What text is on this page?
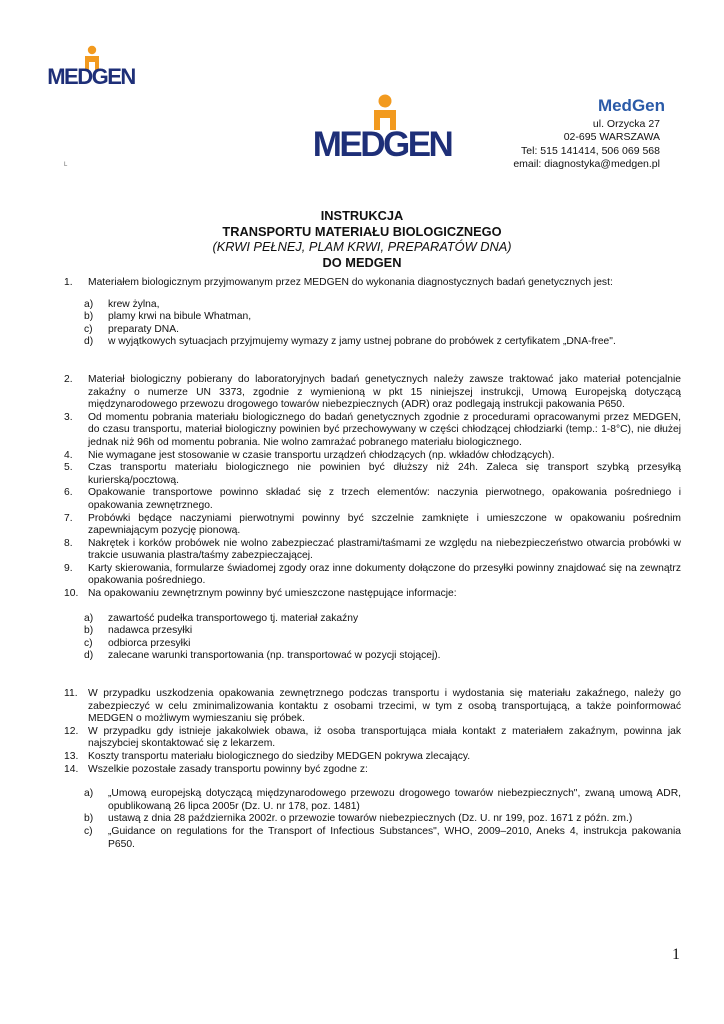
MEDGEN
MEDGEN
MedGen
ul. Orzycka 27
02-695 WARSZAWA
Tel: 515 141414, 506 069 568
email: diagnostyka@medgen.pl
L
INSTRUKCJA
TRANSPORTU MATERIAŁU BIOLOGICZNEGO
(KRWI PEŁNEJ, PLAM KRWI, PREPARATÓW DNA)
DO MEDGEN
1. Materiałem biologicznym przyjmowanym przez MEDGEN do wykonania diagnostycznych badań genetycznych jest:
a) krew żylna,
b) plamy krwi na bibule Whatman,
c) preparaty DNA.
d) w wyjątkowych sytuacjach przyjmujemy wymazy z jamy ustnej pobrane do probówek z certyfikatem „DNA-free".
2. Materiał biologiczny pobierany do laboratoryjnych badań genetycznych należy zawsze traktować jako materiał potencjalnie zakaźny o numerze UN 3373, zgodnie z wymienioną w pkt 15 niniejszej instrukcji, Umową Europejską dotyczącą międzynarodowego przewozu drogowego towarów niebezpiecznych (ADR) oraz podlegają instrukcji pakowania P650.
3. Od momentu pobrania materiału biologicznego do badań genetycznych zgodnie z procedurami opracowanymi przez MEDGEN, do czasu transportu, materiał biologiczny powinien być przechowywany w części chłodzącej chłodziarki (temp.: 1-8°C), nie dłużej jednak niż 96h od momentu pobrania. Nie wolno zamrażać pobranego materiału biologicznego.
4. Nie wymagane jest stosowanie w czasie transportu urządzeń chłodzących (np. wkładów chłodzących).
5. Czas transportu materiału biologicznego nie powinien być dłuższy niż 24h. Zaleca się transport szybką przesyłką kurierską/pocztową.
6. Opakowanie transportowe powinno składać się z trzech elementów: naczynia pierwotnego, opakowania pośredniego i opakowania zewnętrznego.
7. Probówki będące naczyniami pierwotnymi powinny być szczelnie zamknięte i umieszczone w opakowaniu pośrednim zapewniającym pozycję pionową.
8. Nakrętek i korków probówek nie wolno zabezpieczać plastrami/taśmami ze względu na niebezpieczeństwo otwarcia probówki w trakcie usuwania plastra/taśmy zabezpieczającej.
9. Karty skierowania, formularze świadomej zgody oraz inne dokumenty dołączone do przesyłki powinny znajdować się na zewnątrz opakowania pośredniego.
10. Na opakowaniu zewnętrznym powinny być umieszczone następujące informacje:
a) zawartość pudełka transportowego tj. materiał zakaźny
b) nadawca przesyłki
c) odbiorca przesyłki
d) zalecane warunki transportowania (np. transportować w pozycji stojącej).
11. W przypadku uszkodzenia opakowania zewnętrznego podczas transportu i wydostania się materiału zakaźnego, należy go zabezpieczyć w celu zminimalizowania kontaktu z osobami trzecimi, w tym z osobą transportującą, a także poinformować MEDGEN o możliwym wymieszaniu się próbek.
12. W przypadku gdy istnieje jakakolwiek obawa, iż osoba transportująca miała kontakt z materiałem zakaźnym, powinna jak najszybciej skontaktować się z lekarzem.
13. Koszty transportu materiału biologicznego do siedziby MEDGEN pokrywa zlecający.
14. Wszelkie pozostałe zasady transportu powinny być zgodne z:
a) „Umową europejską dotyczącą międzynarodowego przewozu drogowego towarów niebezpiecznych", zwaną umową ADR, opublikowaną 26 lipca 2005r (Dz. U. nr 178, poz. 1481)
b) ustawą z dnia 28 października 2002r. o przewozie towarów niebezpiecznych (Dz. U. nr 199, poz. 1671 z późn. zm.)
c) „Guidance on regulations for the Transport of Infectious Substances", WHO, 2009–2010, Aneks 4, instrukcja pakowania P650.
1
